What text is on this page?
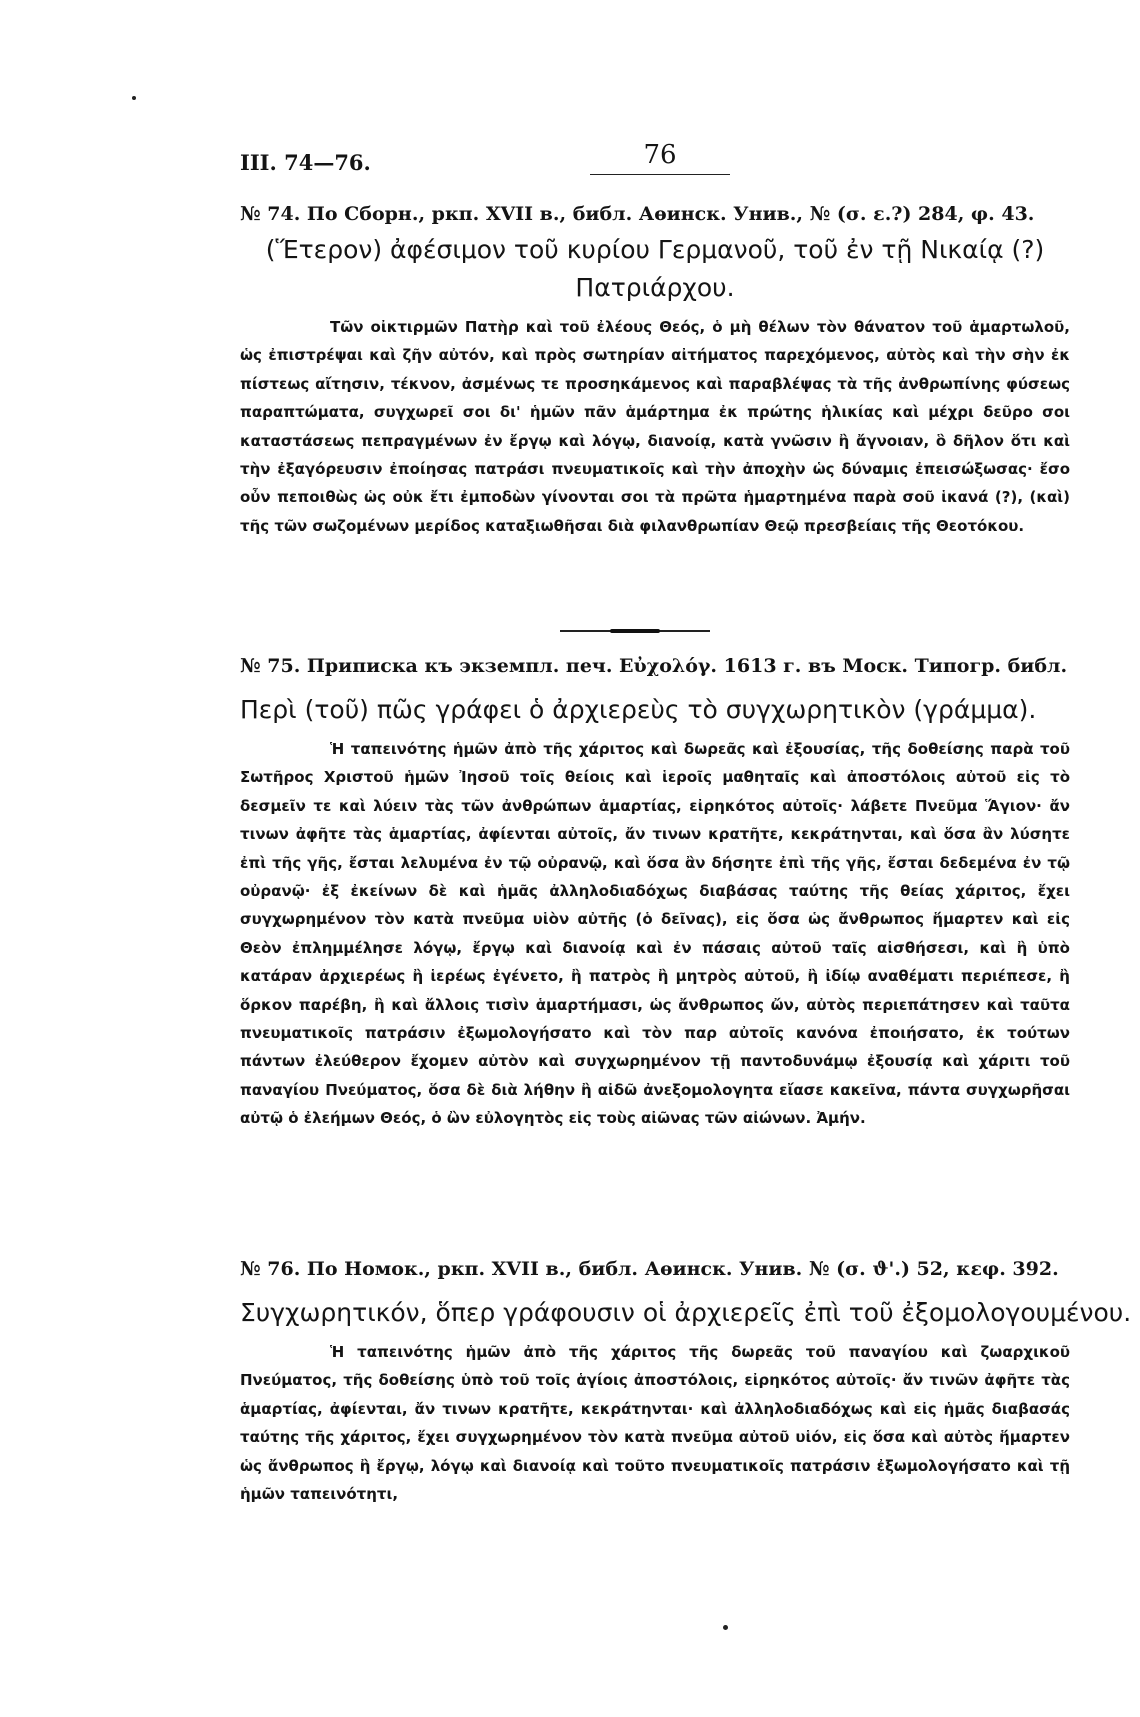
III. 74—76.	76

№ 74. По Сборн., ркп. XVII в., библ. Аѳинск. Унив., № (σ. ε.?) 284, φ. 43.

(Ἕτερον) ἀφέσιμον τοῦ κυρίου Γερμανοῦ, τοῦ ἐν τῇ Νικαίᾳ (?)

Πατριάρχου.

Τῶν οἰκτιρμῶν Πατὴρ καὶ τοῦ ἐλέους Θεός, ὁ μὴ θέλων τὸν θάνατον τοῦ ἁμαρτωλοῦ, ὡς ἐπιστρέψαι καὶ ζῆν αὐτόν, καὶ πρὸς σωτηρίαν αἰτήματος παρεχόμενος, αὐτὸς καὶ τὴν σὴν ἐκ πίστεως αἴτησιν, τέκνον, ἀσμένως τε προσηκάμενος καὶ παραβλέψας τὰ τῆς ἀνθρωπίνης φύσεως παραπτώματα, συγχωρεῖ σοι δι' ἡμῶν πᾶν ἁμάρτημα ἐκ πρώτης ἡλικίας καὶ μέχρι δεῦρο σοι καταστάσεως πεπραγμένων ἐν ἔργῳ καὶ λόγῳ, διανοίᾳ, κατὰ γνῶσιν ἢ ἄγνοιαν, ὃ δῆλον ὅτι καὶ τὴν ἐξαγόρευσιν ἐποίησας πατράσι πνευματικοῖς καὶ τὴν ἀποχὴν ὡς δύναμις ἐπεισώξωσας· ἔσο οὖν πεποιθὼς ὡς οὐκ ἔτι ἐμποδὼν γίνονται σοι τὰ πρῶτα ἡμαρτημένα παρὰ σοῦ ἱκανά (?), (καὶ) τῆς τῶν σωζομένων μερίδος καταξιωθῆσαι διὰ φιλανθρωπίαν Θεῷ πρεσβείαις τῆς Θεοτόκου.

№ 75. Приписка къ экземпл. печ. Εὐχολόγ. 1613 г. въ Моск. Типогр. библ.

Περὶ (τοῦ) πῶς γράφει ὁ ἀρχιερεὺς τὸ συγχωρητικὸν (γράμμα).

Ἡ ταπεινότης ἡμῶν ἀπὸ τῆς χάριτος καὶ δωρεᾶς καὶ ἐξουσίας, τῆς δοθείσης παρὰ τοῦ Σωτῆρος Χριστοῦ ἡμῶν Ἰησοῦ τοῖς θείοις καὶ ἱεροῖς μαθηταῖς καὶ ἀποστόλοις αὐτοῦ εἰς τὸ δεσμεῖν τε καὶ λύειν τὰς τῶν ἀνθρώπων ἁμαρτίας, εἰρηκότος αὐτοῖς· λάβετε Πνεῦμα Ἅγιον· ἄν τινων ἀφῆτε τὰς ἁμαρτίας, ἀφίενται αὐτοῖς, ἄν τινων κρατῆτε, κεκράτηνται, καὶ ὅσα ἂν λύσητε ἐπὶ τῆς γῆς, ἔσται λελυμένα ἐν τῷ οὐρανῷ, καὶ ὅσα ἂν δήσητε ἐπὶ τῆς γῆς, ἔσται δεδεμένα ἐν τῷ οὐρανῷ· ἐξ ἐκείνων δὲ καὶ ἡμᾶς ἀλληλοδιαδόχως διαβάσας ταύτης τῆς θείας χάριτος, ἔχει συγχωρημένον τὸν κατὰ πνεῦμα υἱὸν αὐτῆς (ὁ δεῖνας), εἰς ὅσα ὡς ἄνθρωπος ἥμαρτεν καὶ εἰς Θεὸν ἐπλημμέλησε λόγῳ, ἔργῳ καὶ διανοίᾳ καὶ ἐν πάσαις αὐτοῦ ταῖς αἰσθήσεσι, καὶ ἢ ὑπὸ κατάραν ἀρχιερέως ἢ ἱερέως ἐγένετο, ἢ πατρὸς ἢ μητρὸς αὐτοῦ, ἢ ἰδίῳ αναθέματι περιέπεσε, ἢ ὅρκον παρέβη, ἢ καὶ ἄλλοις τισὶν ἁμαρτήμασι, ὡς ἄνθρωπος ὤν, αὐτὸς περιεπάτησεν καὶ ταῦτα πνευματικοῖς πατράσιν ἐξωμολογήσατο καὶ τὸν παρ αὐτοῖς κανόνα ἐποιήσατο, ἐκ τούτων πάντων ἐλεύθερον ἔχομεν αὐτὸν καὶ συγχωρημένον τῇ παντοδυνάμῳ ἐξουσίᾳ καὶ χάριτι τοῦ παναγίου Πνεύματος, ὅσα δὲ διὰ λήθην ἢ αἰδῶ ἀνεξομολογητα εἴασε κακεῖνα, πάντα συγχωρῆσαι αὐτῷ ὁ ἐλεήμων Θεός, ὁ ὢν εὐλογητὸς εἰς τοὺς αἰῶνας τῶν αἰώνων. Ἀμήν.

№ 76. По Номок., ркп. XVII в., библ. Аѳинск. Унив. № (σ. ϑ'.) 52, κεφ. 392.

Συγχωρητικόν, ὅπερ γράφουσιν οἱ ἀρχιερεῖς ἐπὶ τοῦ ἐξομολογουμένου.

Ἡ ταπεινότης ἡμῶν ἀπὸ τῆς χάριτος τῆς δωρεᾶς τοῦ παναγίου καὶ ζωαρχικοῦ Πνεύματος, τῆς δοθείσης ὑπὸ τοῦ τοῖς ἁγίοις ἀποστόλοις, εἰρηκότος αὐτοῖς· ἄν τινῶν ἀφῆτε τὰς ἁμαρτίας, ἀφίενται, ἄν τινων κρατῆτε, κεκράτηνται· καὶ ἀλληλοδιαδόχως καὶ εἰς ἡμᾶς διαβασάς ταύτης τῆς χάριτος, ἔχει συγχωρημένον τὸν κατὰ πνεῦμα αὐτοῦ υἱόν, εἰς ὅσα καὶ αὐτὸς ἥμαρτεν ὡς ἄνθρωπος ἢ ἔργῳ, λόγῳ καὶ διανοίᾳ καὶ τοῦτο πνευματικοῖς πατράσιν ἐξωμολογήσατο καὶ τῇ ἡμῶν ταπεινότητι,
